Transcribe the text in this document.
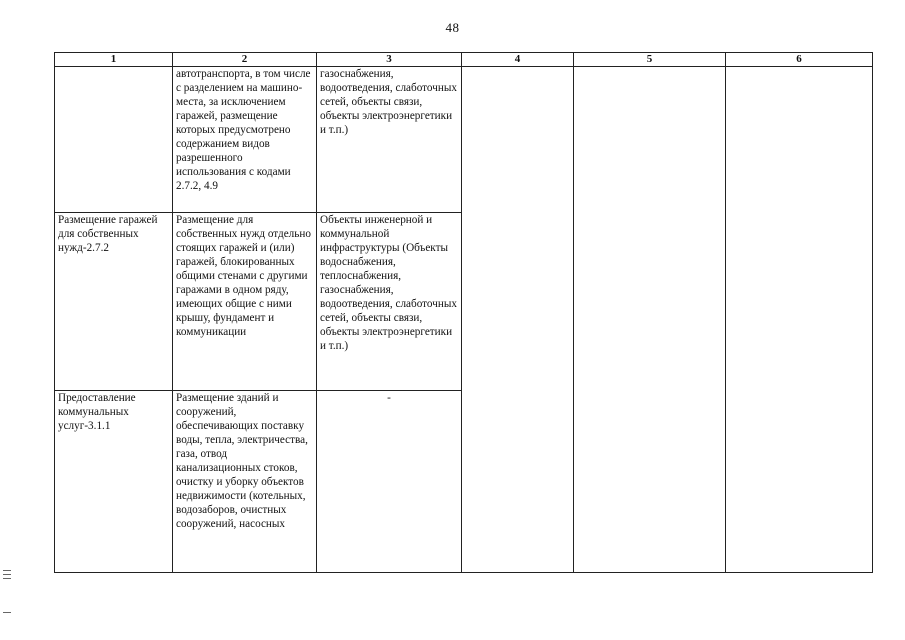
48
1	2	3	4	5	6

	автотранспорта, в том числе с разделением на машино-места, за исключением гаражей, размещение которых предусмотрено содержанием видов разрешенного использования с кодами 2.7.2, 4.9	газоснабжения, водоотведения, слаботочных сетей, объекты связи, объекты электроэнергетики и т.п.)			

Размещение гаражей для собственных нужд-2.7.2	Размещение для собственных нужд отдельно стоящих гаражей и (или) гаражей, блокированных общими стенами с другими гаражами в одном ряду, имеющих общие с ними крышу, фундамент и коммуникации	Объекты инженерной и коммунальной инфраструктуры (Объекты водоснабжения, теплоснабжения, газоснабжения, водоотведения, слаботочных сетей, объекты связи, объекты электроэнергетики и т.п.)			

Предоставление коммунальных услуг-3.1.1	Размещение зданий и сооружений, обеспечивающих поставку воды, тепла, электричества, газа, отвод канализационных стоков, очистку и уборку объектов недвижимости (котельных, водозаборов, очистных сооружений, насосных	-			
